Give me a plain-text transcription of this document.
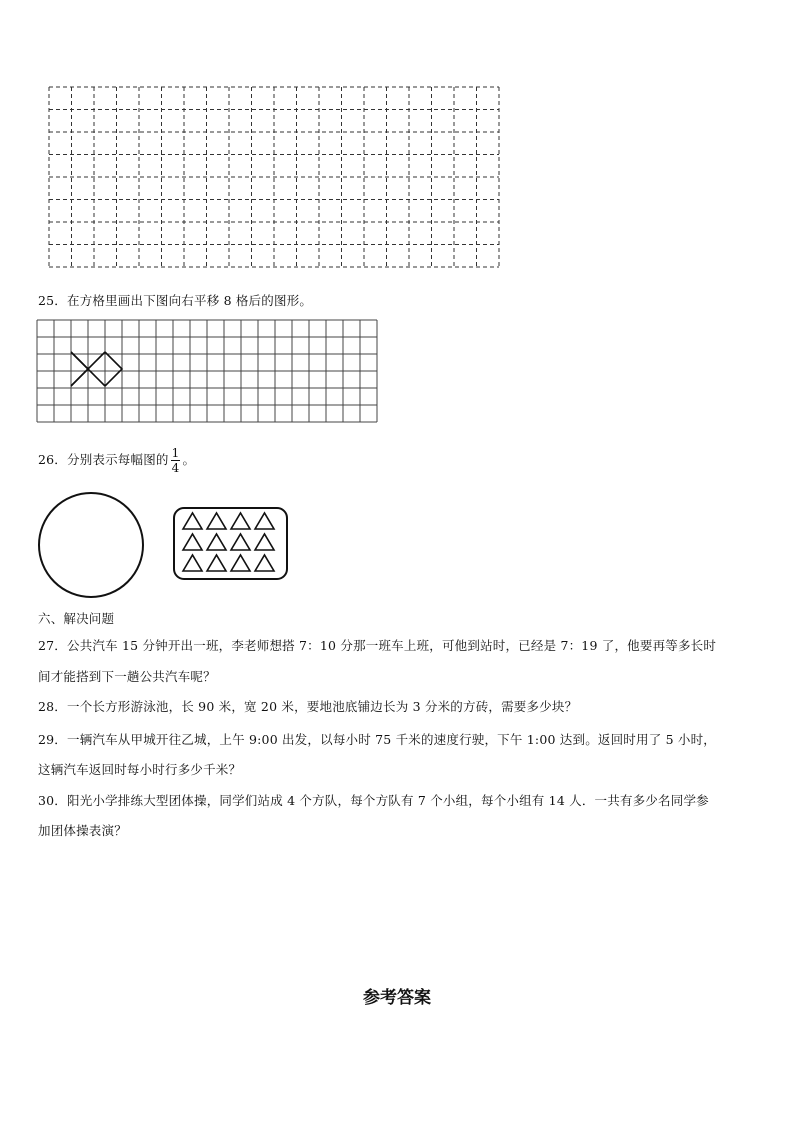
25．在方格里画出下图向右平移 8 格后的图形。
26．分别表示每幅图的 $\frac{1}{4}$ 。
六、解决问题
27．公共汽车 15 分钟开出一班，李老师想搭 7：10 分那一班车上班，可他到站时，已经是 7：19 了，他要再等多长时
间才能搭到下一趟公共汽车呢？
28．一个长方形游泳池，长 90 米，宽 20 米，要地池底铺边长为 3 分米的方砖，需要多少块？
29．一辆汽车从甲城开往乙城，上午 9:00 出发，以每小时 75 千米的速度行驶，下午 1:00 达到。返回时用了 5 小时，
这辆汽车返回时每小时行多少千米？
30．阳光小学排练大型团体操，同学们站成 4 个方队，每个方队有 7 个小组，每个小组有 14 人．一共有多少名同学参
加团体操表演？
参考答案
